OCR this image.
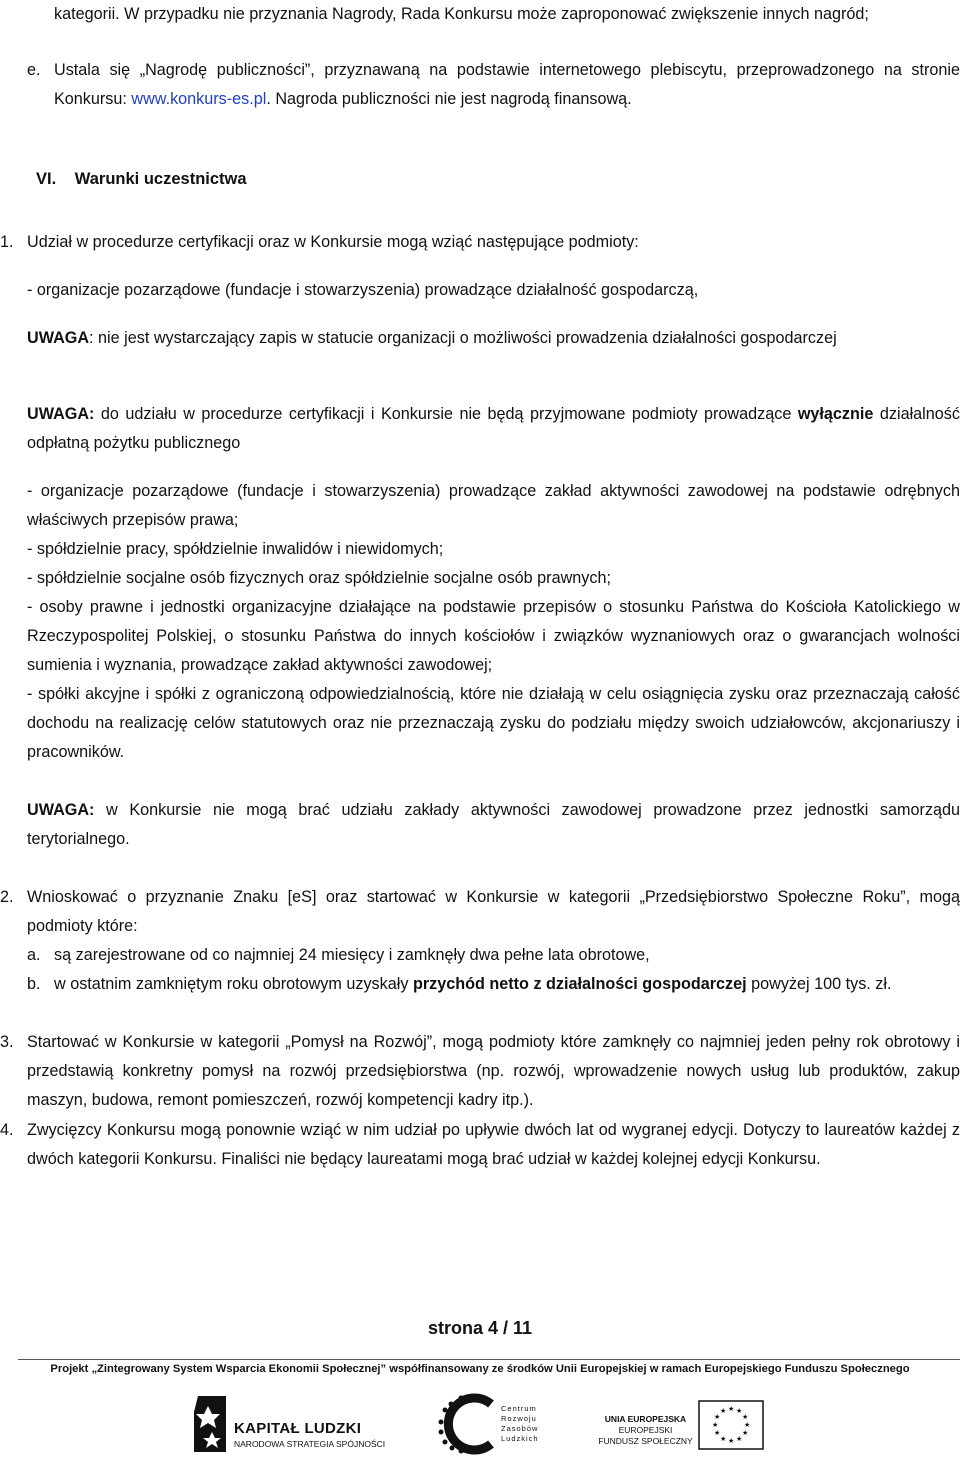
kategorii. W przypadku nie przyznania Nagrody, Rada Konkursu może zaproponować zwiększenie innych nagród;
e. Ustala się „Nagrodę publiczności”, przyznawaną na podstawie internetowego plebiscytu, przeprowadzonego na stronie Konkursu: www.konkurs-es.pl. Nagroda publiczności nie jest nagrodą finansową.
VI. Warunki uczestnictwa
1. Udział w procedurze certyfikacji oraz w Konkursie mogą wziąć następujące podmioty:
- organizacje pozarządowe (fundacje i stowarzyszenia) prowadzące działalność gospodarczą,
UWAGA: nie jest wystarczający zapis w statucie organizacji o możliwości prowadzenia działalności gospodarczej
UWAGA: do udziału w procedurze certyfikacji i Konkursie nie będą przyjmowane podmioty prowadzące wyłącznie działalność odpłatną pożytku publicznego
- organizacje pozarządowe (fundacje i stowarzyszenia) prowadzące zakład aktywności zawodowej na podstawie odrębnych właściwych przepisów prawa;
- spółdzielnie pracy, spółdzielnie inwalidów i niewidomych;
- spółdzielnie socjalne osób fizycznych oraz spółdzielnie socjalne osób prawnych;
- osoby prawne i jednostki organizacyjne działające na podstawie przepisów o stosunku Państwa do Kościoła Katolickiego w Rzeczypospolitej Polskiej, o stosunku Państwa do innych kościołów i związków wyznaniowych oraz o gwarancjach wolności sumienia i wyznania, prowadzące zakład aktywności zawodowej;
- spółki akcyjne i spółki z ograniczoną odpowiedzialnością, które nie działają w celu osiągnięcia zysku oraz przeznaczają całość dochodu na realizację celów statutowych oraz nie przeznaczają zysku do podziału między swoich udziałowców, akcjonariuszy i pracowników.
UWAGA: w Konkursie nie mogą brać udziału zakłady aktywności zawodowej prowadzone przez jednostki samorządu terytorialnego.
2. Wnioskować o przyznanie Znaku [eS] oraz startować w Konkursie w kategorii „Przedsiębiorstwo Społeczne Roku”, mogą podmioty które:
a. są zarejestrowane od co najmniej 24 miesięcy i zamknęły dwa pełne lata obrotowe,
b. w ostatnim zamkniętym roku obrotowym uzyskały przychód netto z działalności gospodarczej powyżej 100 tys. zł.
3. Startować w Konkursie w kategorii „Pomysł na Rozwój”, mogą podmioty które zamknęły co najmniej jeden pełny rok obrotowy i przedstawią konkretny pomysł na rozwój przedsiębiorstwa (np. rozwój, wprowadzenie nowych usług lub produktów, zakup maszyn, budowa, remont pomieszczeń, rozwój kompetencji kadry itp.).
4. Zwycięzcy Konkursu mogą ponownie wziąć w nim udział po upływie dwóch lat od wygranej edycji. Dotyczy to laureatów każdej z dwóch kategorii Konkursu. Finaliści nie będący laureatami mogą brać udział w każdej kolejnej edycji Konkursu.
strona 4 / 11
Projekt „Zintegrowany System Wsparcia Ekonomii Społecznej” współfinansowany ze środków Unii Europejskiej w ramach Europejskiego Funduszu Społecznego
KAPITAŁ LUDZKI
NARODOWA STRATEGIA SPÓJNOŚCI
Centrum
Rozwoju
Zasobów
Ludzkich
UNIA EUROPEJSKA
EUROPEJSKI
FUNDUSZ SPOŁECZNY
★ ★
★
★
★
★
★
★
★
★
★
★
